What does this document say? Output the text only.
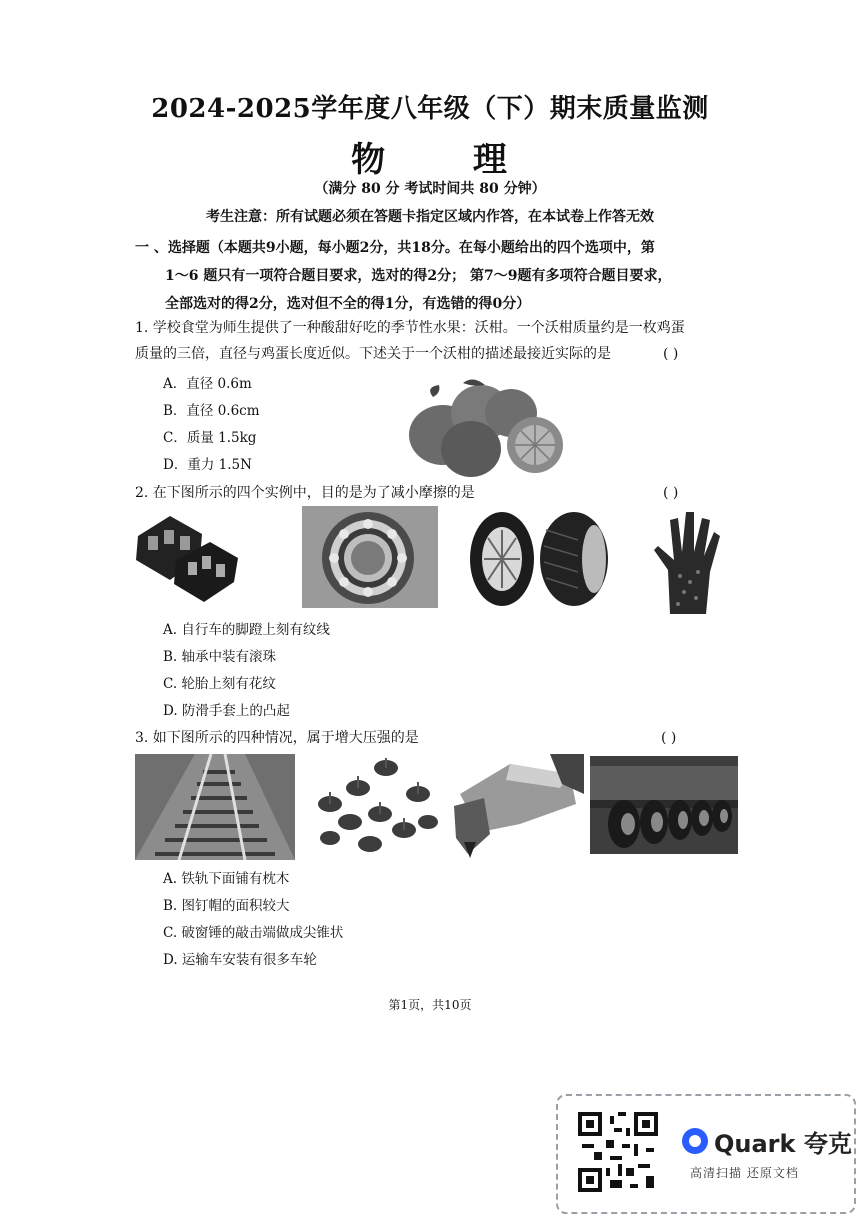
2024-2025学年度八年级（下）期末质量监测
物 理
（满分 80 分 考试时间共 80 分钟）
考生注意：所有试题必须在答题卡指定区域内作答，在本试卷上作答无效
一 、选择题（本题共9小题，每小题2分，共18分。在每小题给出的四个选项中，第
1～6 题只有一项符合题目要求，选对的得2分； 第7～9题有多项符合题目要求，
全部选对的得2分，选对但不全的得1分，有选错的得0分）
1. 学校食堂为师生提供了一种酸甜好吃的季节性水果：沃柑。一个沃柑质量约是一枚鸡蛋
质量的三倍，直径与鸡蛋长度近似。下述关于一个沃柑的描述最接近实际的是	( )
A．直径 0.6m
B．直径 0.6cm
C．质量 1.5kg
D．重力 1.5N
2. 在下图所示的四个实例中，目的是为了减小摩擦的是	( )
A. 自行车的脚蹬上刻有纹线
B. 轴承中装有滚珠
C. 轮胎上刻有花纹
D. 防滑手套上的凸起
3. 如下图所示的四种情况，属于增大压强的是	( )
A. 铁轨下面铺有枕木
B. 图钉帽的面积较大
C. 破窗锤的敲击端做成尖锥状
D. 运输车安装有很多车轮
第1页，共10页
Quark 夸克
高清扫描 还原文档
